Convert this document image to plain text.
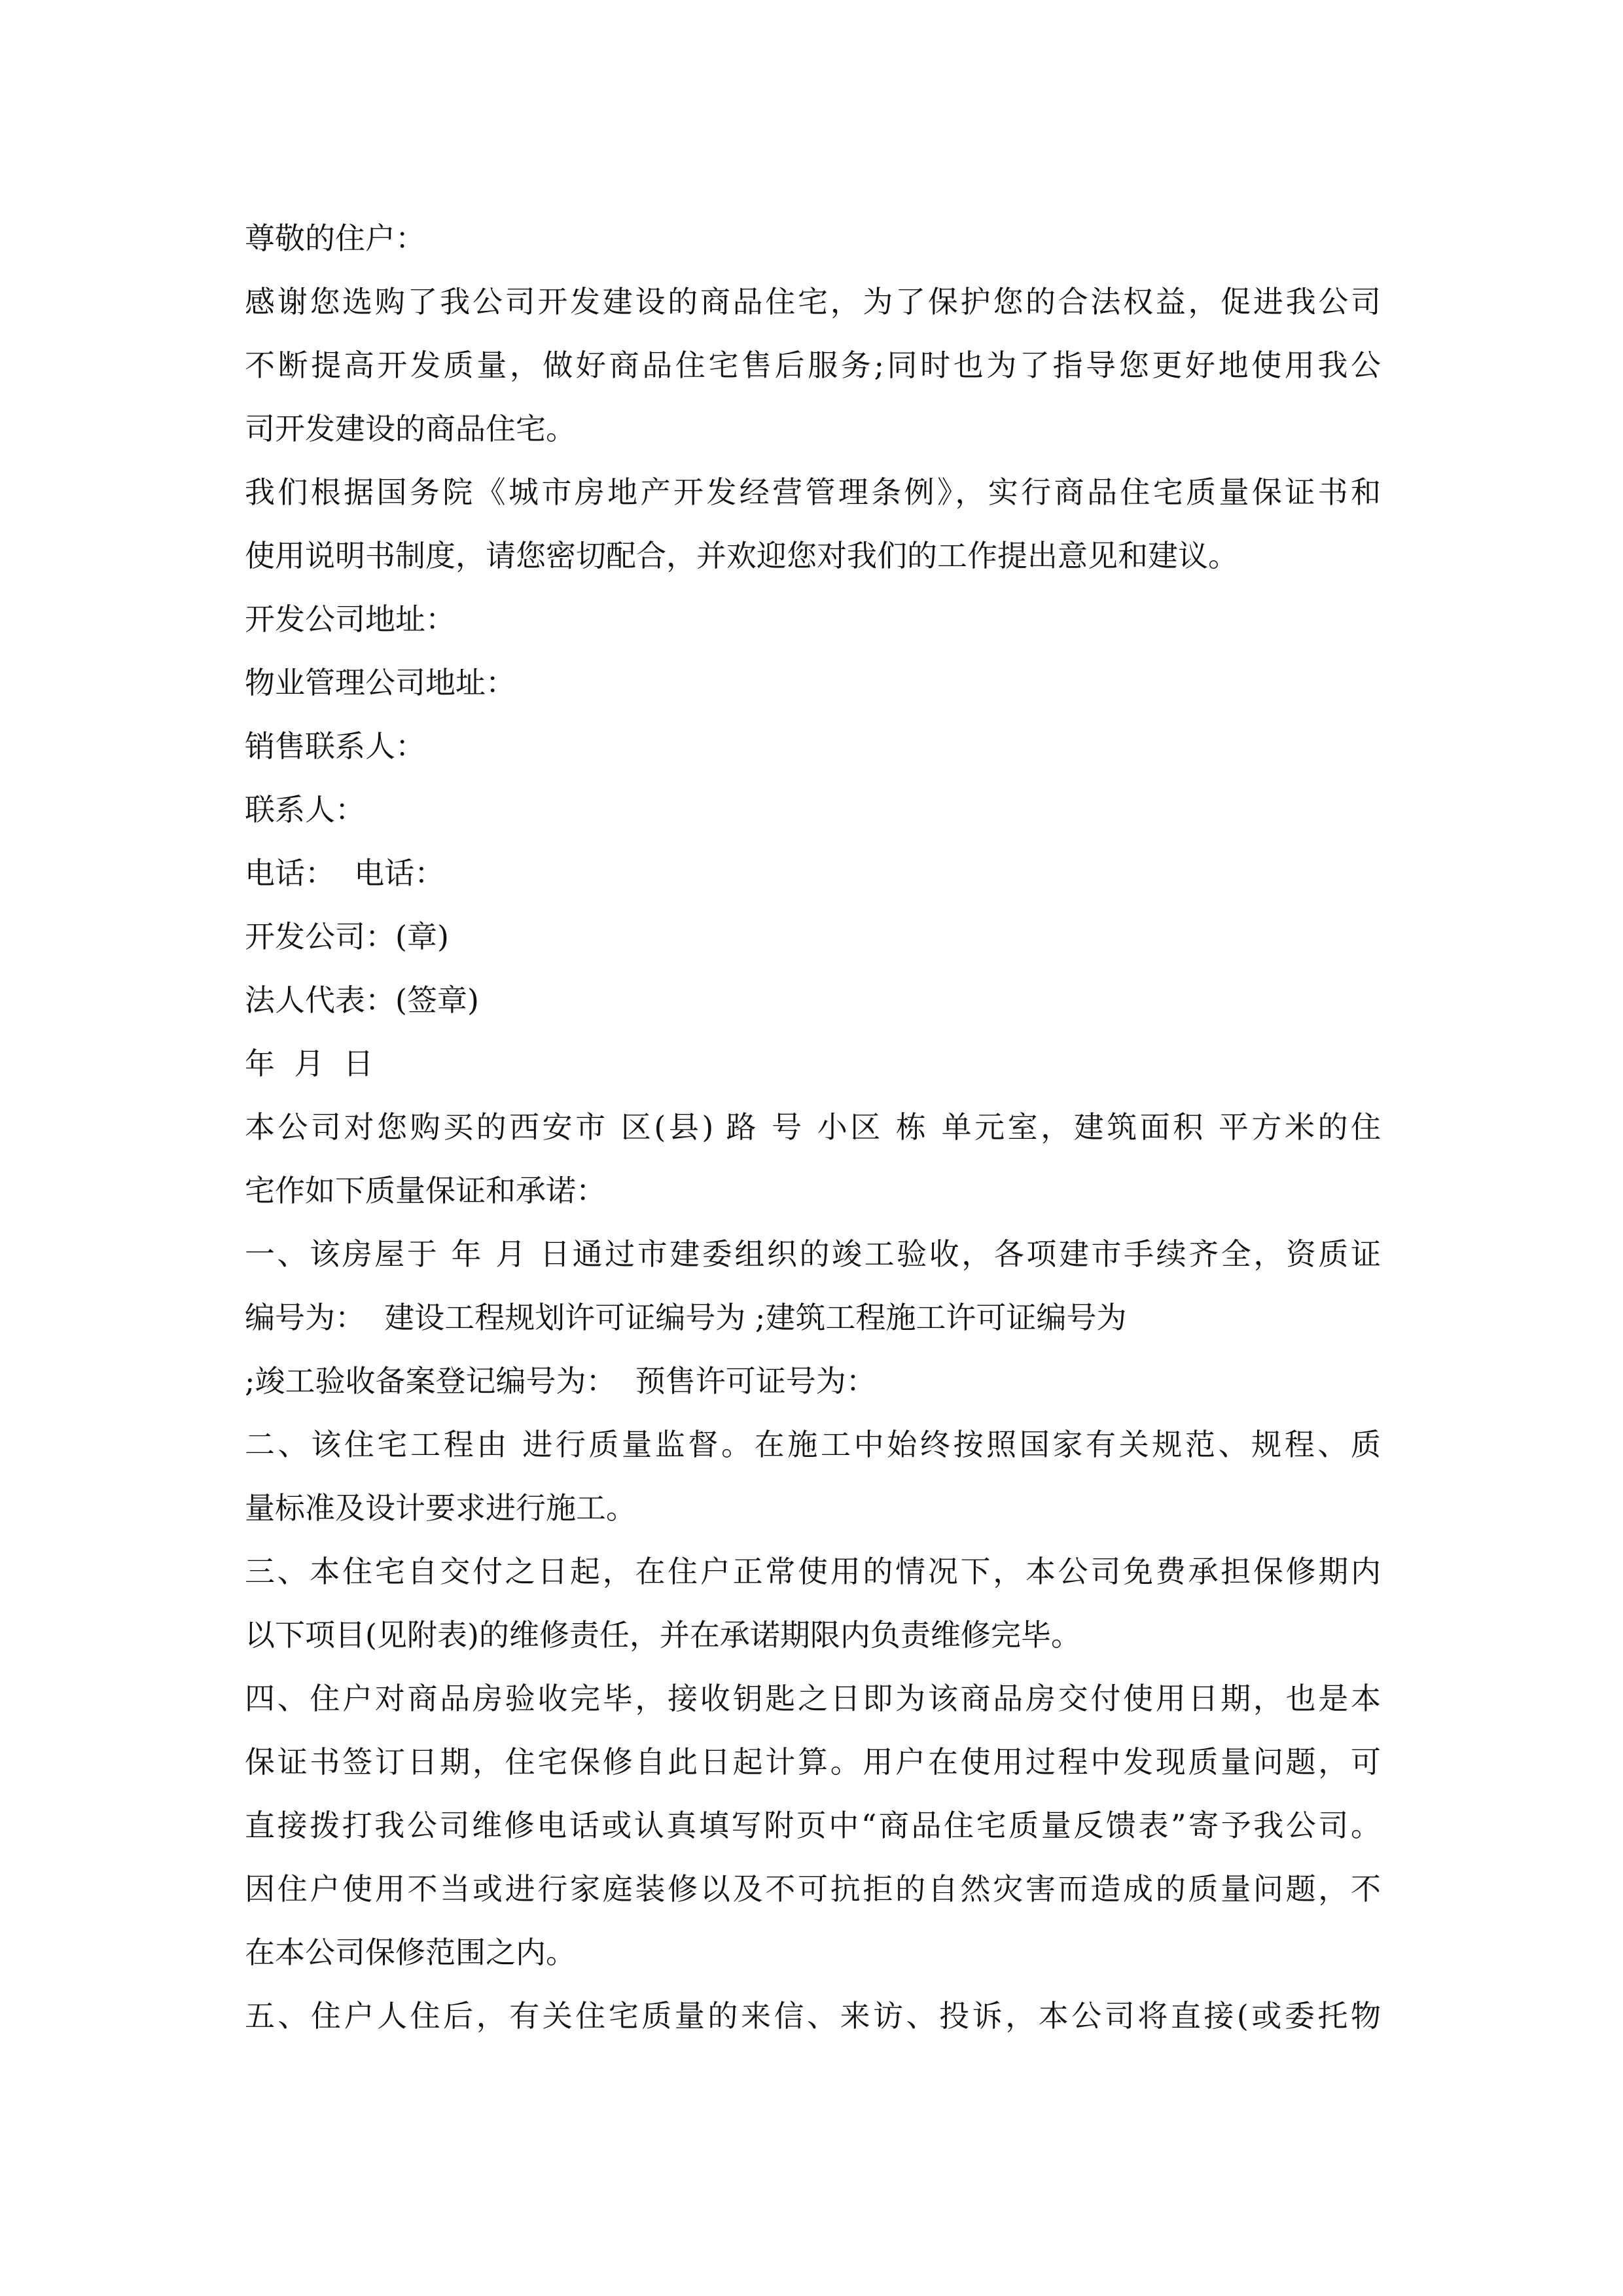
尊敬的住户：
感谢您选购了我公司开发建设的商品住宅，为了保护您的合法权益，促进我公司
不断提高开发质量，做好商品住宅售后服务;同时也为了指导您更好地使用我公
司开发建设的商品住宅。
我们根据国务院《城市房地产开发经营管理条例》，实行商品住宅质量保证书和
使用说明书制度，请您密切配合，并欢迎您对我们的工作提出意见和建议。
开发公司地址：
物业管理公司地址：
销售联系人：
联系人：
电话：  电话：
开发公司：(章)
法人代表：(签章)
年  月  日
本公司对您购买的西安市 区(县) 路 号 小区 栋 单元室，建筑面积 平方米的住
宅作如下质量保证和承诺：
一、该房屋于 年 月 日通过市建委组织的竣工验收，各项建市手续齐全，资质证
编号为：  建设工程规划许可证编号为 ;建筑工程施工许可证编号为
;竣工验收备案登记编号为：  预售许可证号为：
二、该住宅工程由 进行质量监督。在施工中始终按照国家有关规范、规程、质
量标准及设计要求进行施工。
三、本住宅自交付之日起，在住户正常使用的情况下，本公司免费承担保修期内
以下项目(见附表)的维修责任，并在承诺期限内负责维修完毕。
四、住户对商品房验收完毕，接收钥匙之日即为该商品房交付使用日期，也是本
保证书签订日期，住宅保修自此日起计算。用户在使用过程中发现质量问题，可
直接拨打我公司维修电话或认真填写附页中“商品住宅质量反馈表”寄予我公司。
因住户使用不当或进行家庭装修以及不可抗拒的自然灾害而造成的质量问题，不
在本公司保修范围之内。
五、住户人住后，有关住宅质量的来信、来访、投诉，本公司将直接(或委托物
